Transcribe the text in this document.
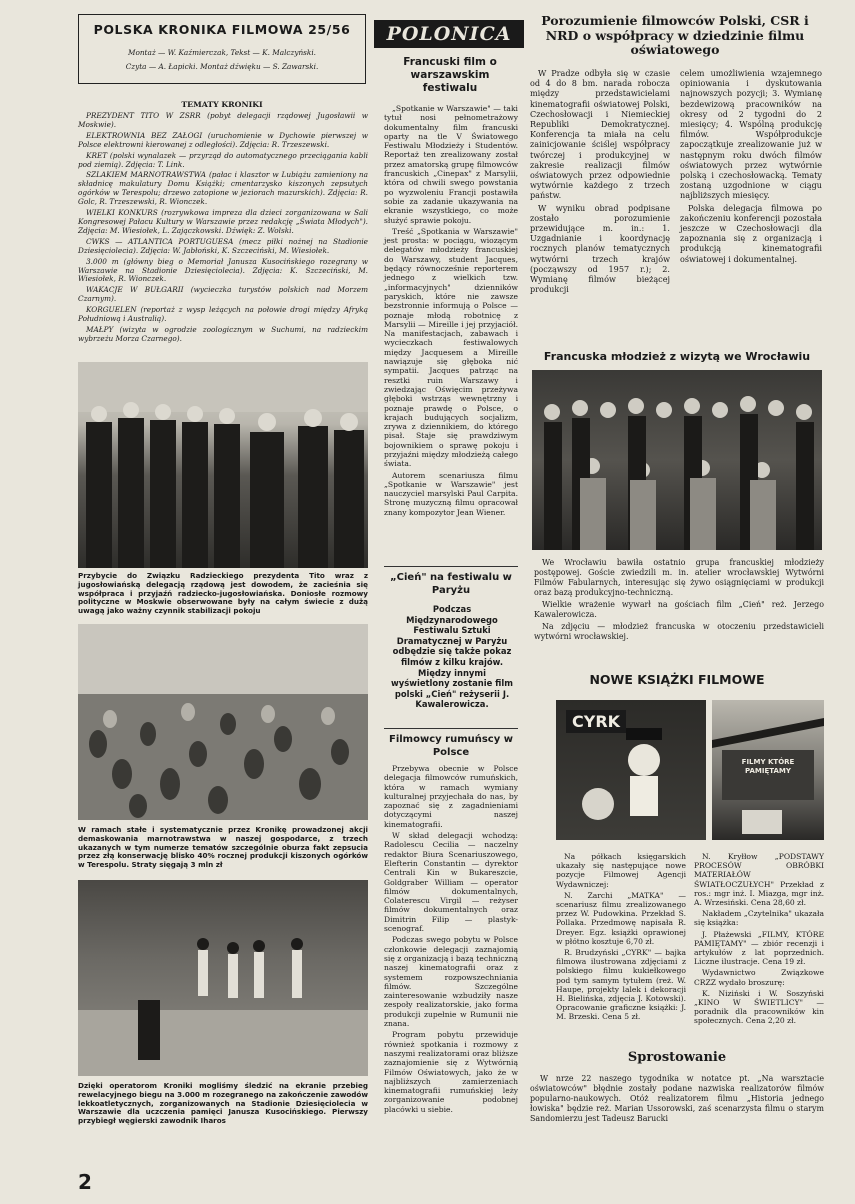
POLSKA KRONIKA FILMOWA 25/56
Montaż — W. Kaźmierczak, Tekst — K. Malczyński.
Czyta — A. Łapicki. Montaż dźwięku — S. Zawarski.
TEMATY KRONIKI

PREZYDENT TITO W ZSRR (pobyt delegacji rządowej Jugosławii w Moskwie).

ELEKTROWNIA BEZ ZAŁOGI (uruchomienie w Dychowie pierwszej w Polsce elektrowni kierowanej z odległości). Zdjęcia: R. Trzeszewski.

KRET (polski wynalazek — przyrząd do automatycznego przeciągania kabli pod ziemią). Zdjęcia: T. Link.

SZLAKIEM MARNOTRAWSTWA (pałac i klasztor w Lubiążu zamieniony na składnicę makulatury Domu Książki; cmentarzysko kiszonych zepsutych ogórków w Terespolu; drzewo zatopione w jeziorach mazurskich). Zdjęcia: R. Golc, R. Trzeszewski, R. Wionczek.

WIELKI KONKURS (rozrywkowa impreza dla dzieci zorganizowana w Sali Kongresowej Pałacu Kultury w Warszawie przez redakcję „Świata Młodych"). Zdjęcia: M. Wiesiołek, L. Zajączkowski. Dźwięk: Z. Wolski.

CWKS — ATLANTICA PORTUGUESA (mecz piłki nożnej na Stadionie Dziesięciolecia). Zdjęcia: W. Jabłoński, K. Szczeciński, M. Wiesiołek.

3.000 m (główny bieg o Memoriał Janusza Kusocińskiego rozegrany w Warszawie na Stadionie Dziesięciolecia). Zdjęcia: K. Szczeciński, M. Wiesiołek, R. Wionczek.

WAKACJE W BUŁGARII (wycieczka turystów polskich nad Morzem Czarnym).

KORGUELEN (reportaż z wysp leżących na połowie drogi między Afryką Południową i Australią).

MAŁPY (wizyta w ogrodzie zoologicznym w Suchumi, na radzieckim wybrzeżu Morza Czarnego).

Przybycie do Związku Radzieckiego prezydenta Tito wraz z jugosłowiańską delegacją rządową jest dowodem, że zacieśnia się współpraca i przyjaźń radziecko-jugosłowiańska. Doniosłe rozmowy polityczne w Moskwie obserwowane były na całym świecie z dużą uwagą jako ważny czynnik stabilizacji pokoju
W ramach stałe i systematycznie przez Kronikę prowadzonej akcji demaskowania marnotrawstwa w naszej gospodarce, z trzech ukazanych w tym numerze tematów szczególnie oburza fakt zepsucia przez złą konserwację blisko 40% rocznej produkcji kiszonych ogórków w Terespolu. Straty sięgają 3 mln zł
Dzięki operatorom Kroniki mogliśmy śledzić na ekranie przebieg rewelacyjnego biegu na 3.000 m rozegranego na zakończenie zawodów lekkoatletycznych, zorganizowanych na Stadionie Dziesięciolecia w Warszawie dla uczczenia pamięci Janusza Kusocińskiego. Pierwszy przybiegł węgierski zawodnik Iharos
2
POLONICA
Francuski film o warszawskim festiwalu

„Spotkanie w Warszawie" — taki tytuł nosi pełnometrażowy dokumentalny film francuski oparty na tle V Światowego Festiwalu Młodzieży i Studentów. Reportaż ten zrealizowany został przez amatorską grupę filmowców francuskich „Cinepax" z Marsylii, która od chwili swego powstania po wyzwoleniu Francji postawiła sobie za zadanie ukazywania na ekranie wszystkiego, co może służyć sprawie pokoju.

Treść „Spotkania w Warszawie" jest prosta: w pociągu, wiozącym delegatów młodzieży francuskiej do Warszawy, student Jacques, będący równocześnie reporterem jednego z wielkich tzw. „informacyjnych" dzienników paryskich, które nie zawsze bezstronnie informują o Polsce — poznaje młodą robotnicę z Marsylii — Mireille i jej przyjaciół. Na manifestacjach, zabawach i wycieczkach festiwalowych między Jacquesem a Mireille nawiązuje się głęboka nić sympatii. Jacques patrząc na resztki ruin Warszawy i zwiedzając Oświęcim przeżywa głęboki wstrząs wewnętrzny i poznaje prawdę o Polsce, o krajach budujących socjalizm, zrywa z dziennikiem, do którego pisał. Staje się prawdziwym bojownikiem o sprawę pokoju i przyjaźni między młodzieżą całego świata.

Autorem scenariusza filmu „Spotkanie w Warszawie" jest nauczyciel marsylski Paul Carpita. Stronę muzyczną filmu opracował znany kompozytor Jean Wiener.

„Cień" na festiwalu w Paryżu
Podczas Międzynarodowego Festiwalu Sztuki Dramatycznej w Paryżu odbędzie się także pokaz filmów z kilku krajów. Między innymi wyświetlony zostanie film polski „Cień" reżyserii J. Kawalerowicza.
Filmowcy rumuńscy w Polsce

Przebywa obecnie w Polsce delegacja filmowców rumuńskich, która w ramach wymiany kulturalnej przyjechała do nas, by zapoznać się z zagadnieniami dotyczącymi naszej kinematografii.

W skład delegacji wchodzą: Radolescu Cecilia — naczelny redaktor Biura Scenariuszowego, Elefterin Constantin — dyrektor Centrali Kin w Bukareszcie, Goldgraber William — operator filmów dokumentalnych, Colaterescu Virgil — reżyser filmów dokumentalnych oraz Dimitrin Filip — plastyk-scenograf.

Podczas swego pobytu w Polsce członkowie delegacji zaznajomią się z organizacją i bazą techniczną naszej kinematografii oraz z systemem rozpowszechniania filmów. Szczególne zainteresowanie wzbudziły nasze zespoły realizatorskie, jako forma produkcji zupełnie w Rumunii nie znana.

Program pobytu przewiduje również spotkania i rozmowy z naszymi realizatorami oraz bliższe zaznajomienie się z Wytwórnią Filmów Oświatowych, jako że w najbliższych zamierzeniach kinematografii rumuńskiej leży zorganizowanie podobnej placówki u siebie.

Porozumienie filmowców Polski, CSR i NRD o współpracy w dziedzinie filmu oświatowego

W Pradze odbyła się w czasie od 4 do 8 bm. narada robocza między przedstawicielami kinematografii oświatowej Polski, Czechosłowacji i Niemieckiej Republiki Demokratycznej. Konferencja ta miała na celu zainicjowanie ściślej współpracy twórczej i produkcyjnej w zakresie realizacji filmów oświatowych przez odpowiednie wytwórnie każdego z trzech państw.

W wyniku obrad podpisane zostało porozumienie przewidujące m. in.: 1. Uzgadnianie i koordynację rocznych planów tematycznych wytwórni trzech krajów (począwszy od 1957 r.); 2. Wymianę filmów bieżącej produkcji

celem umożliwienia wzajemnego opiniowania i dyskutowania najnowszych pozycji; 3. Wymianę bezdewizową pracowników na okresy od 2 tygodni do 2 miesięcy; 4. Wspólną produkcję filmów. Współprodukcje zapoczątkuje zrealizowanie już w następnym roku dwóch filmów oświatowych przez wytwórnie polską i czechosłowacką. Tematy zostaną uzgodnione w ciągu najbliższych miesięcy.

Polska delegacja filmowa po zakończeniu konferencji pozostała jeszcze w Czechosłowacji dla zapoznania się z organizacją i produkcją kinematografii oświatowej i dokumentalnej.

Francuska młodzież z wizytą we Wrocławiu

We Wrocławiu bawiła ostatnio grupa francuskiej młodzieży postępowej. Goście zwiedzili m. in. atelier wrocławskiej Wytwórni Filmów Fabularnych, interesując się żywo osiągnięciami w produkcji oraz bazą produkcyjno-techniczną.

Wielkie wrażenie wywarł na gościach film „Cień" reż. Jerzego Kawalerowicza.

Na zdjęciu — młodzież francuska w otoczeniu przedstawicieli wytwórni wrocławskiej.

NOWE KSIĄŻKI FILMOWE
CYRK
FILMY KTÓRE PAMIĘTAMY

Na półkach księgarskich ukazały się następujące nowe pozycje Filmowej Agencji Wydawniczej:

N. Zarchi „MATKA" — scenariusz filmu zrealizowanego przez W. Pudowkina. Przekład S. Pollaka. Przedmowę napisała R. Dreyer. Egz. książki oprawionej w płótno kosztuje 6,70 zł.

R. Brudzyński „CYRK" — bajka filmowa ilustrowana zdjęciami z polskiego filmu kukiełkowego pod tym samym tytułem (reż. W. Haupe, projekty lalek i dekoracji H. Bielińska, zdjęcia J. Kotowski). Opracowanie graficzne książki: J. M. Brzeski. Cena 5 zł.

N. Kryłłow „PODSTAWY PROCESÓW OBRÓBKI MATERIAŁÓW ŚWIATŁOCZUŁYCH" Przekład z ros.: mgr inż. I. Miazga, mgr inż. A. Wrzesiński. Cena 28,60 zł.

Nakładem „Czytelnika" ukazała się książka:

J. Płażewski „FILMY, KTÓRE PAMIĘTAMY" — zbiór recenzji i artykułów z lat poprzednich. Liczne ilustracje. Cena 19 zł.

Wydawnictwo Związkowe CRZZ wydało broszurę:

K. Niziński i W. Soszyński „KINO W ŚWIETLICY" — poradnik dla pracowników kin społecznych. Cena 2,20 zł.

Sprostowanie
W nrze 22 naszego tygodnika w notatce pt. „Na warsztacie oświatowców" błędnie zostały podane nazwiska realizatorów filmów popularno-naukowych. Otóż realizatorem filmu „Historia jednego łowiska" będzie reż. Marian Ussorowski, zaś scenarzysta filmu o starym Sandomierzu jest Tadeusz Barucki
